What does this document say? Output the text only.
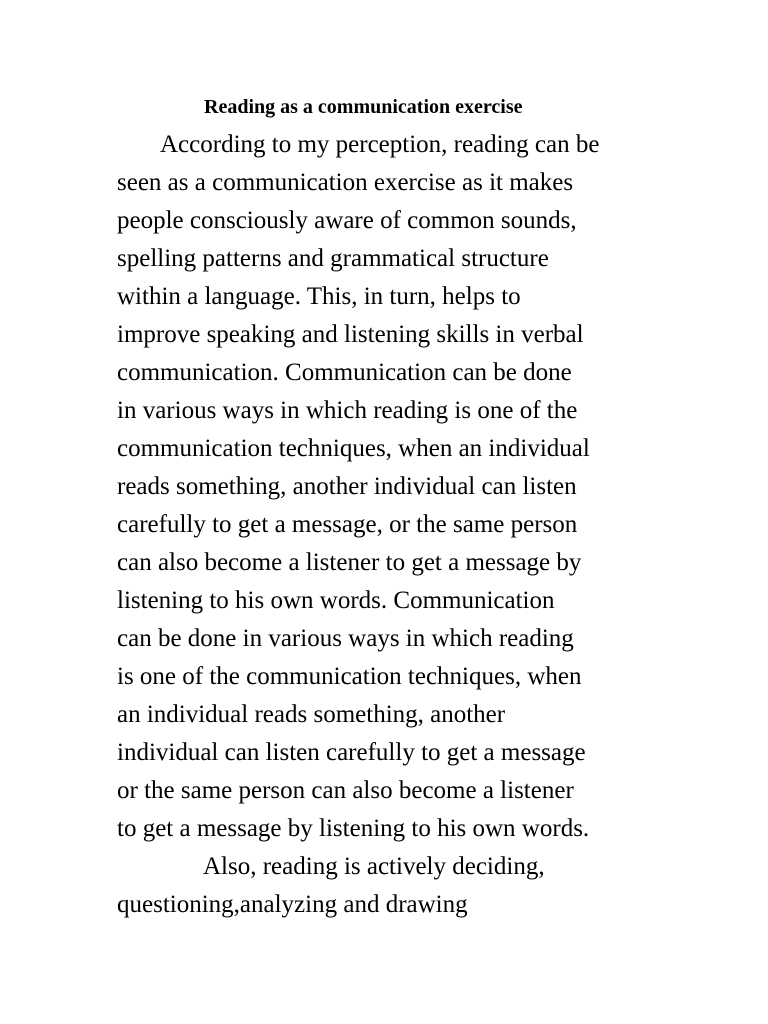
Reading as a communication exercise
According to my perception, reading can be
seen as a communication exercise as it makes
people consciously aware of common sounds,
spelling patterns and grammatical structure
within a language. This, in turn, helps to
improve speaking and listening skills in verbal
communication. Communication can be done
in various ways in which reading is one of the
communication techniques, when an individual
reads something, another individual can listen
carefully to get a message, or the same person
can also become a listener to get a message by
listening to his own words. Communication
can be done in various ways in which reading
is one of the communication techniques, when
an individual reads something, another
individual can listen carefully to get a message
or the same person can also become a listener
to get a message by listening to his own words.
Also, reading is actively deciding,
questioning,analyzing and drawing
